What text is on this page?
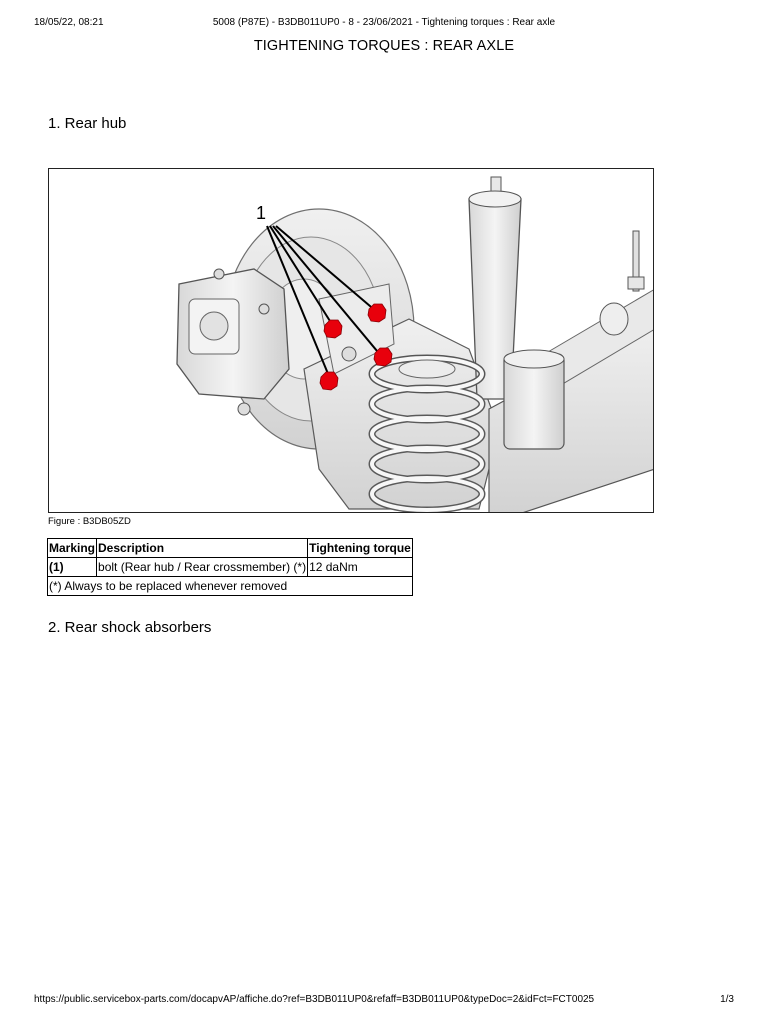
18/05/22, 08:21	5008 (P87E) - B3DB011UP0 - 8 - 23/06/2021 - Tightening torques : Rear axle
TIGHTENING TORQUES : REAR AXLE
1. Rear hub
1
Figure : B3DB05ZD
Marking	Description	Tightening torque
(1)	bolt (Rear hub / Rear crossmember) (*)	12 daNm
(*) Always to be replaced whenever removed		
2. Rear shock absorbers
https://public.servicebox-parts.com/docapvAP/affiche.do?ref=B3DB011UP0&refaff=B3DB011UP0&typeDoc=2&idFct=FCT0025	1/3
